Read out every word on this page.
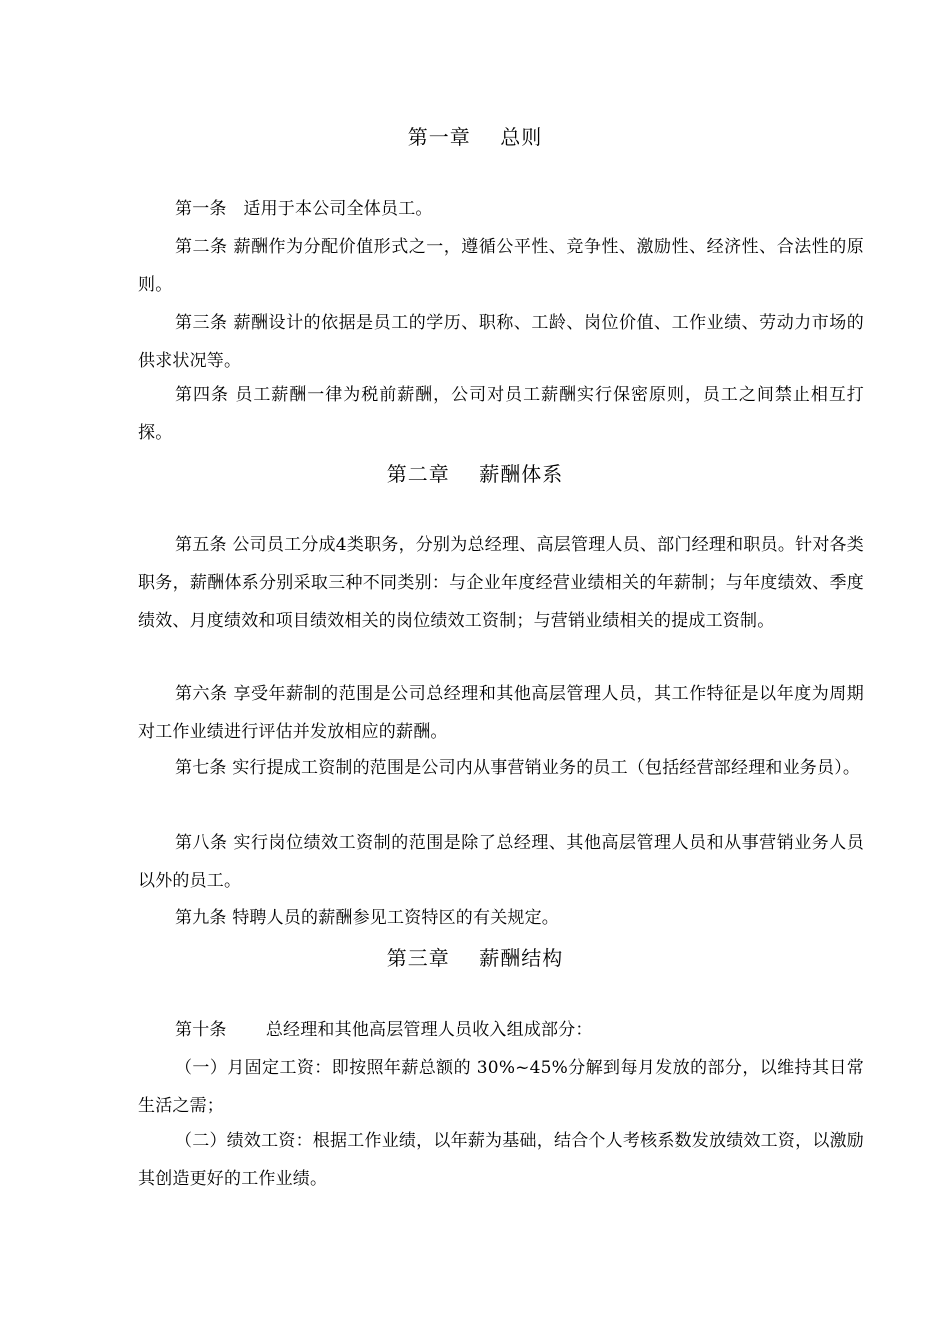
第一章    总则
第一条   适用于本公司全体员工。
第二条 薪酬作为分配价值形式之一，遵循公平性、竞争性、激励性、经济性、合法性的原则。
第三条 薪酬设计的依据是员工的学历、职称、工龄、岗位价值、工作业绩、劳动力市场的供求状况等。
第四条 员工薪酬一律为税前薪酬，公司对员工薪酬实行保密原则，员工之间禁止相互打探。
第二章    薪酬体系
第五条 公司员工分成4类职务，分别为总经理、高层管理人员、部门经理和职员。针对各类职务，薪酬体系分别采取三种不同类别：与企业年度经营业绩相关的年薪制；与年度绩效、季度绩效、月度绩效和项目绩效相关的岗位绩效工资制；与营销业绩相关的提成工资制。
第六条 享受年薪制的范围是公司总经理和其他高层管理人员，其工作特征是以年度为周期对工作业绩进行评估并发放相应的薪酬。
第七条 实行提成工资制的范围是公司内从事营销业务的员工（包括经营部经理和业务员）。
第八条 实行岗位绩效工资制的范围是除了总经理、其他高层管理人员和从事营销业务人员以外的员工。
第九条 特聘人员的薪酬参见工资特区的有关规定。
第三章    薪酬结构
第十条       总经理和其他高层管理人员收入组成部分：
（一）月固定工资：即按照年薪总额的 30%~45%分解到每月发放的部分，以维持其日常生活之需；
（二）绩效工资：根据工作业绩，以年薪为基础，结合个人考核系数发放绩效工资，以激励其创造更好的工作业绩。
